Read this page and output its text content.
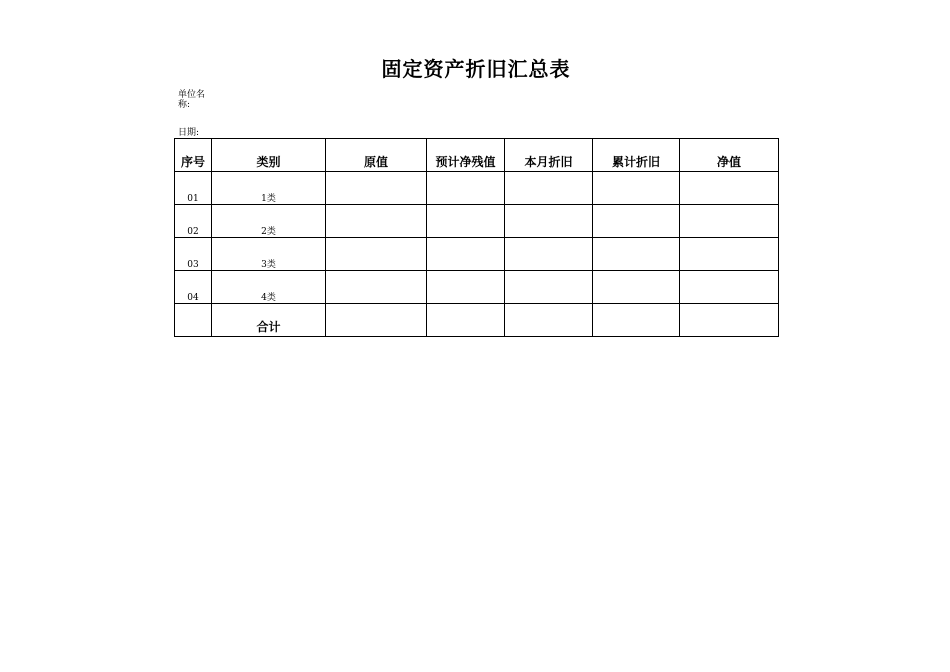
固定资产折旧汇总表
单位名称:
日期:
序号	类别	原值	预计净残值	本月折旧	累计折旧	净值
01	1类					
02	2类					
03	3类					
04	4类					
	合计					
